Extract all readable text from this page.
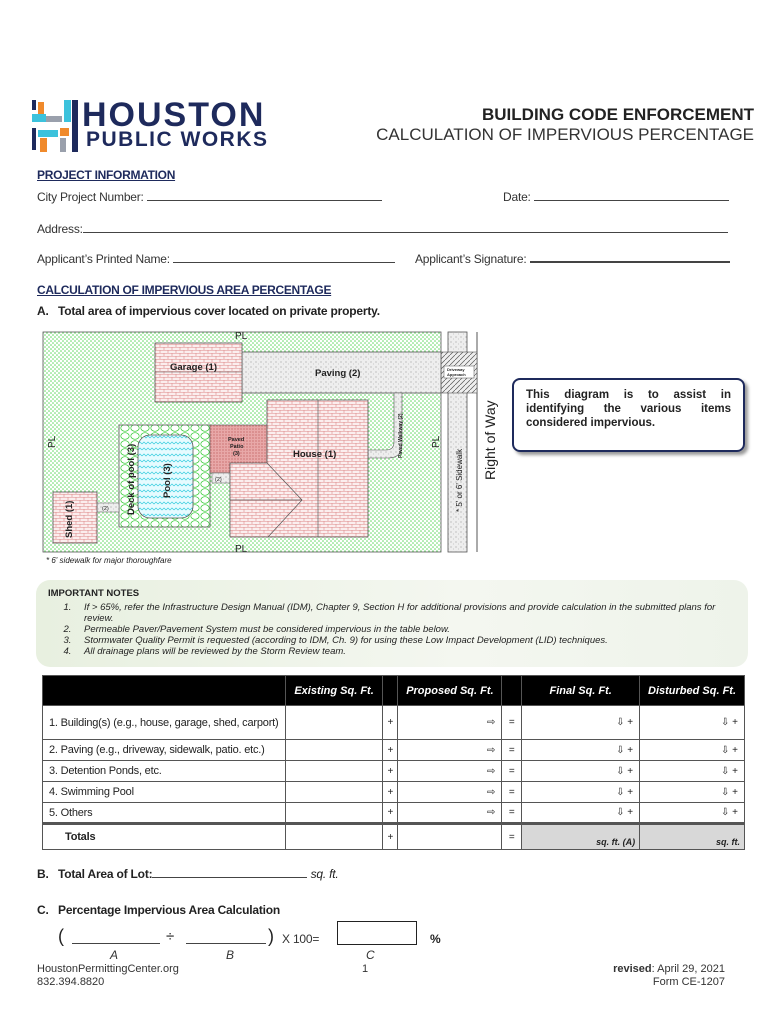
HOUSTON
PUBLIC WORKS
BUILDING CODE ENFORCEMENT
CALCULATION OF IMPERVIOUS PERCENTAGE
PROJECT INFORMATION
City Project Number:	Date:
Address:
Applicant’s Printed Name:	Applicant’s Signature:
CALCULATION OF IMPERVIOUS AREA PERCENTAGE
A. Total area of impervious cover located on private property.
PL
PL
PL	PL
Garage (1)
Paving (2)	Driveway
Approach
Paved Walkway (2)
Paved
Patio
(3)	House (1)
Deck of pool (3)	Pool (3)
Shed (1)
(2)
(2)	* 5' or 6' Sidewalk
Right of Way
* 6' sidewalk for major thoroughfare
This diagram is to assist in identifying the various items considered impervious.
IMPORTANT NOTES
1. If > 65%, refer the Infrastructure Design Manual (IDM), Chapter 9, Section H for additional provisions and provide calculation in the submitted plans for review.
2. Permeable Paver/Pavement System must be considered impervious in the table below.
3. Stormwater Quality Permit is requested (according to IDM, Ch. 9) for using these Low Impact Development (LID) techniques.
4. All drainage plans will be reviewed by the Storm Review team.
	Existing Sq. Ft.		Proposed Sq. Ft.		Final Sq. Ft.	Disturbed Sq. Ft.
1. Building(s) (e.g., house, garage, shed, carport)		+	⇨	=	⇩ +	⇩ +
2. Paving (e.g., driveway, sidewalk, patio. etc.)		+	⇨	=	⇩ +	⇩ +
3. Detention Ponds, etc.		+	⇨	=	⇩ +	⇩ +
4. Swimming Pool		+	⇨	=	⇩ +	⇩ +
5. Others		+	⇨	=	⇩ +	⇩ +
Totals		+		=	sq. ft. (A)	sq. ft.
B. Total Area of Lot:	sq. ft.
C. Percentage Impervious Area Calculation
(	÷	) X 100=	%
A	B	C
HoustonPermittingCenter.org
832.394.8820
1	revised: April 29, 2021
Form CE-1207
